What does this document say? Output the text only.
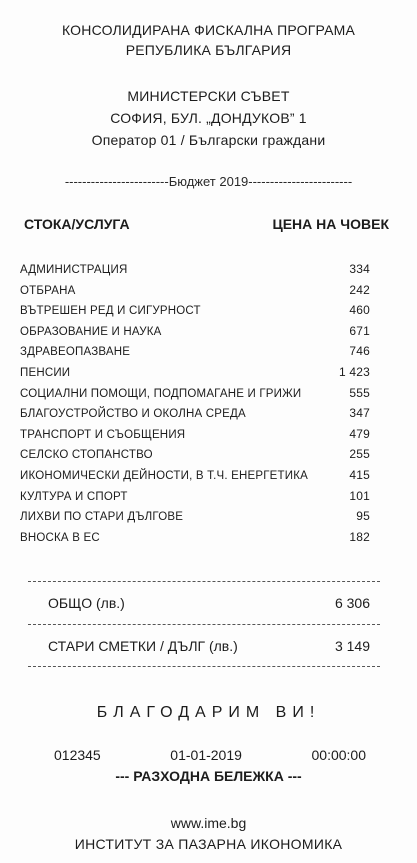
КОНСОЛИДИРАНА ФИСКАЛНА ПРОГРАМА
РЕПУБЛИКА БЪЛГАРИЯ
МИНИСТЕРСКИ СЪВЕТ
СОФИЯ, БУЛ. „ДОНДУКОВ” 1
Оператор 01 / Български граждани
------------------------Бюджет 2019------------------------
СТОКА/УСЛУГА	ЦЕНА НА ЧОВЕК
АДМИНИСТРАЦИЯ	334
ОТБРАНА	242
ВЪТРЕШЕН РЕД И СИГУРНОСТ	460
ОБРАЗОВАНИЕ И НАУКА	671
ЗДРАВЕОПАЗВАНЕ	746
ПЕНСИИ	1 423
СОЦИАЛНИ ПОМОЩИ, ПОДПОМАГАНЕ И ГРИЖИ	555
БЛАГОУСТРОЙСТВО И ОКОЛНА СРЕДА	347
ТРАНСПОРТ И СЪОБЩЕНИЯ	479
СЕЛСКО СТОПАНСТВО	255
ИКОНОМИЧЕСКИ ДЕЙНОСТИ, В Т.Ч. ЕНЕРГЕТИКА	415
КУЛТУРА И СПОРТ	101
ЛИХВИ ПО СТАРИ ДЪЛГОВЕ	95
ВНОСКА В ЕС	182
ОБЩО (лв.)	6 306
СТАРИ СМЕТКИ / ДЪЛГ (лв.)	3 149
БЛАГОДАРИМ ВИ!
012345	01-01-2019	00:00:00
--- РАЗХОДНА БЕЛЕЖКА ---
www.ime.bg
ИНСТИТУТ ЗА ПАЗАРНА ИКОНОМИКА
